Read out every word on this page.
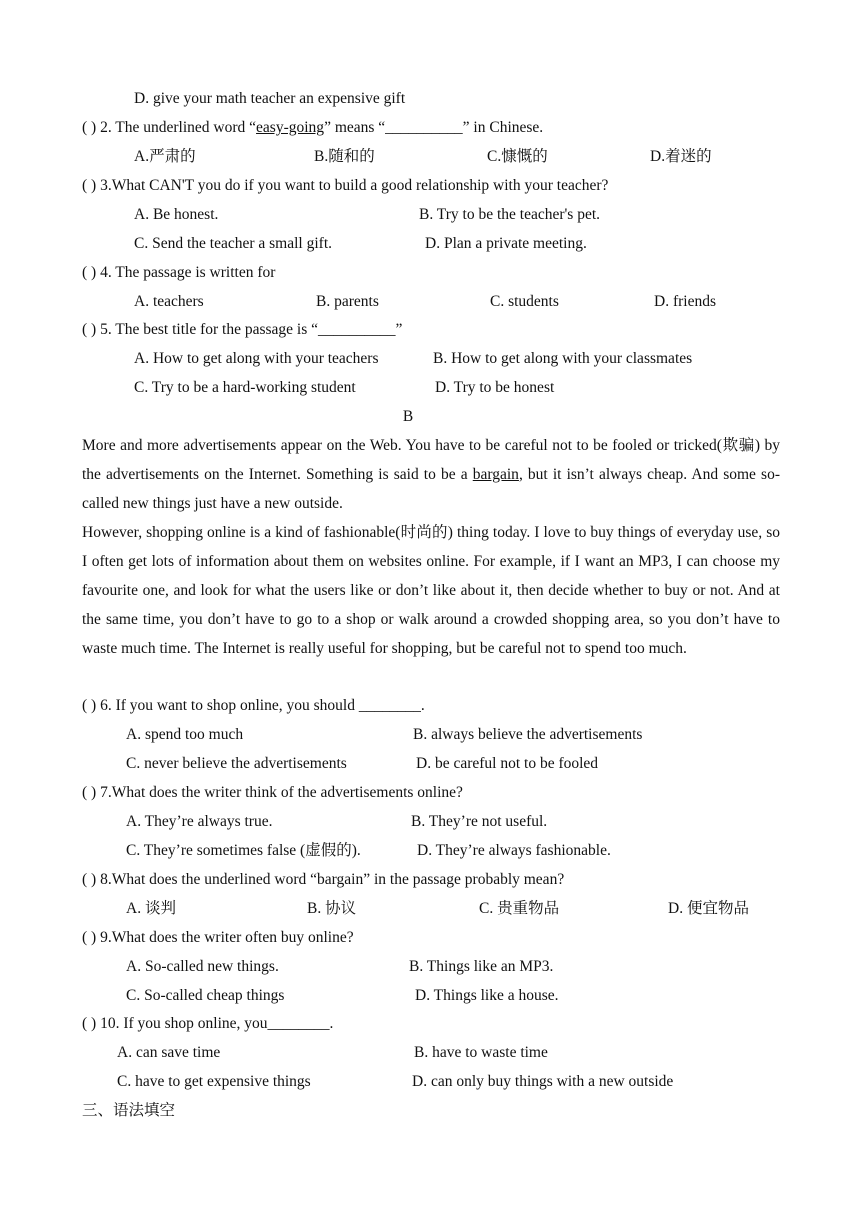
D. give your math teacher an expensive gift
( ) 2. The underlined word “easy-going” means “__________” in Chinese.
A.严肃的	B.随和的	C.慷慨的	D.着迷的
( ) 3.What CAN'T you do if you want to build a good relationship with your teacher?
A. Be honest.	B. Try to be the teacher's pet.
C. Send the teacher a small gift.	D. Plan a private meeting.
( ) 4. The passage is written for
A. teachers	B. parents	C. students	D. friends
( ) 5. The best title for the passage is “__________”
A. How to get along with your teachers	B. How to get along with your classmates
C. Try to be a hard-working student	D. Try to be honest
B

More and more advertisements appear on the Web. You have to be careful not to be fooled or tricked(欺骗) by the advertisements on the Internet. Something is said to be a bargain, but it isn’t always cheap. And some so-called new things just have a new outside.

However, shopping online is a kind of fashionable(时尚的) thing today. I love to buy things of everyday use, so I often get lots of information about them on websites online. For example, if I want an MP3, I can choose my favourite one, and look for what the users like or don’t like about it, then decide whether to buy or not. And at the same time, you don’t have to go to a shop or walk around a crowded shopping area, so you don’t have to waste much time. The Internet is really useful for shopping, but be careful not to spend too much.

( ) 6. If you want to shop online, you should ________.
A. spend too much	B. always believe the advertisements
C. never believe the advertisements	D. be careful not to be fooled
( ) 7.What does the writer think of the advertisements online?
A. They’re always true.	B. They’re not useful.
C. They’re sometimes false (虚假的).	D. They’re always fashionable.
( ) 8.What does the underlined word “bargain” in the passage probably mean?
A. 谈判	B. 协议	C. 贵重物品	D. 便宜物品
( ) 9.What does the writer often buy online?
A. So-called new things.	B. Things like an MP3.
C. So-called cheap things	D. Things like a house.
( ) 10. If you shop online, you________.
A. can save time	B. have to waste time
C. have to get expensive things	D. can only buy things with a new outside
三、语法填空
